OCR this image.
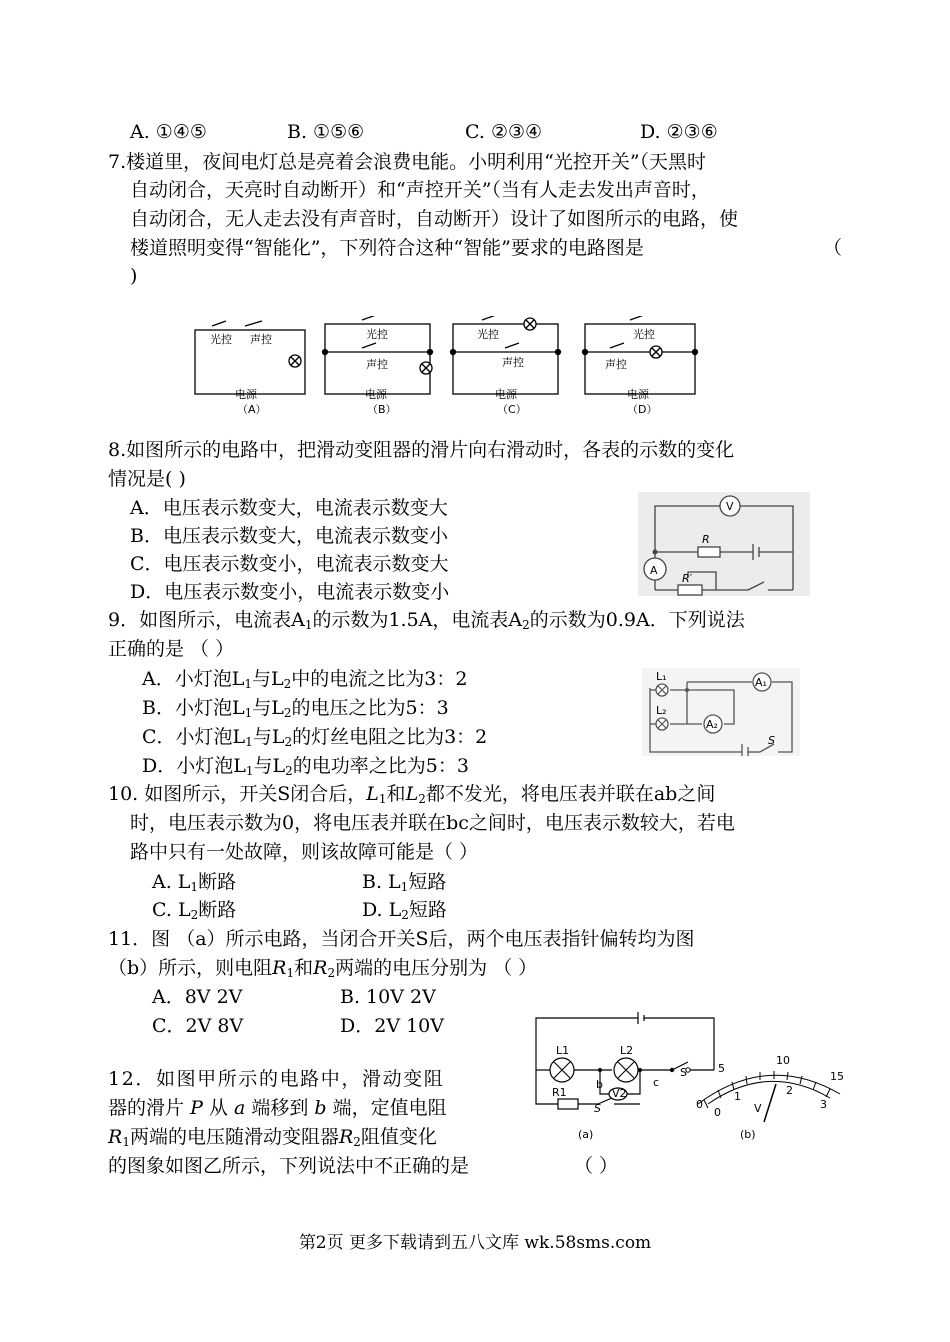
A. ①④⑤	B. ①⑤⑥	C. ②③④	D. ②③⑥
7.楼道里，夜间电灯总是亮着会浪费电能。小明利用“光控开关”（天黑时
自动闭合，天亮时自动断开）和“声控开关”（当有人走去发出声音时，
自动闭合，无人走去没有声音时，自动断开）设计了如图所示的电路，使
楼道照明变得“智能化”，下列符合这种“智能”要求的电路图是	（
)
光控 声控
电源
（A）
光控
声控
电源
（B）
光控
声控
电源
（C）
光控
声控
电源
（D）
8.如图所示的电路中，把滑动变阻器的滑片向右滑动时，各表的示数的变化
情况是( )
A．电压表示数变大，电流表示数变大
B．电压表示数变大，电流表示数变小
C．电压表示数变小，电流表示数变大
D．电压表示数变小，电流表示数变小
V
A
R
R′
9．如图所示，电流表$A_1$的示数为1.5A，电流表$A_2$的示数为0.9A．下列说法
正确的是 （ ）
A．小灯泡$L_1$与$L_2$中的电流之比为3：2
B．小灯泡$L_1$与$L_2$的电压之比为5：3
C．小灯泡$L_1$与$L_2$的灯丝电阻之比为3：2
D．小灯泡$L_1$与$L_2$的电功率之比为5：3
L₁
L₂
A₁
A₂
S
10. 如图所示，开关S闭合后，$L_1$和$L_2$都不发光，将电压表并联在ab之间
时，电压表示数为0，将电压表并联在bc之间时，电压表示数较大，若电
路中只有一处故障，则该故障可能是（ ）
A. $L_1$断路	B. $L_1$短路
C. $L_2$断路	D. $L_2$短路
11．图 （a）所示电路，当闭合开关S后，两个电压表指针偏转均为图
（b）所示，则电阻$R_1$和$R_2$两端的电压分别为 （ ）
A．8V 2V	B. 10V 2V
C．2V 8V	D．2V 10V
L1	L2
b	c
S
V2
R1
S
(a)
0
5
10
15
0
1	2
3
V
(b)
12．如图甲所示的电路中，滑动变阻
器的滑片 P 从 a 端移到 b 端，定值电阻
$R_1$两端的电压随滑动变阻器$R_2$阻值变化
的图象如图乙所示，下列说法中不正确的是	（ ）
第2页 更多下载请到五八文库 wk.58sms.com
